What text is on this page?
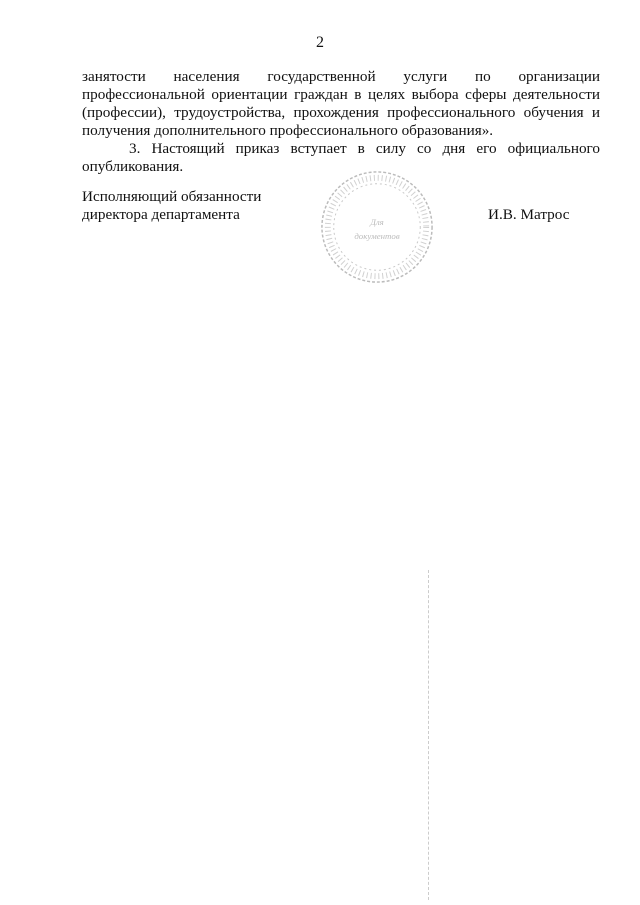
2
занятости населения государственной услуги по организации
профессиональной ориентации граждан в целях выбора сферы деятельности
(профессии), трудоустройства, прохождения профессионального обучения и
получения дополнительного профессионального образования».
3. Настоящий приказ вступает в силу со дня его официального
опубликования.
Исполняющий обязанности
директора департамента	Для
документов
И.В. Матрос
